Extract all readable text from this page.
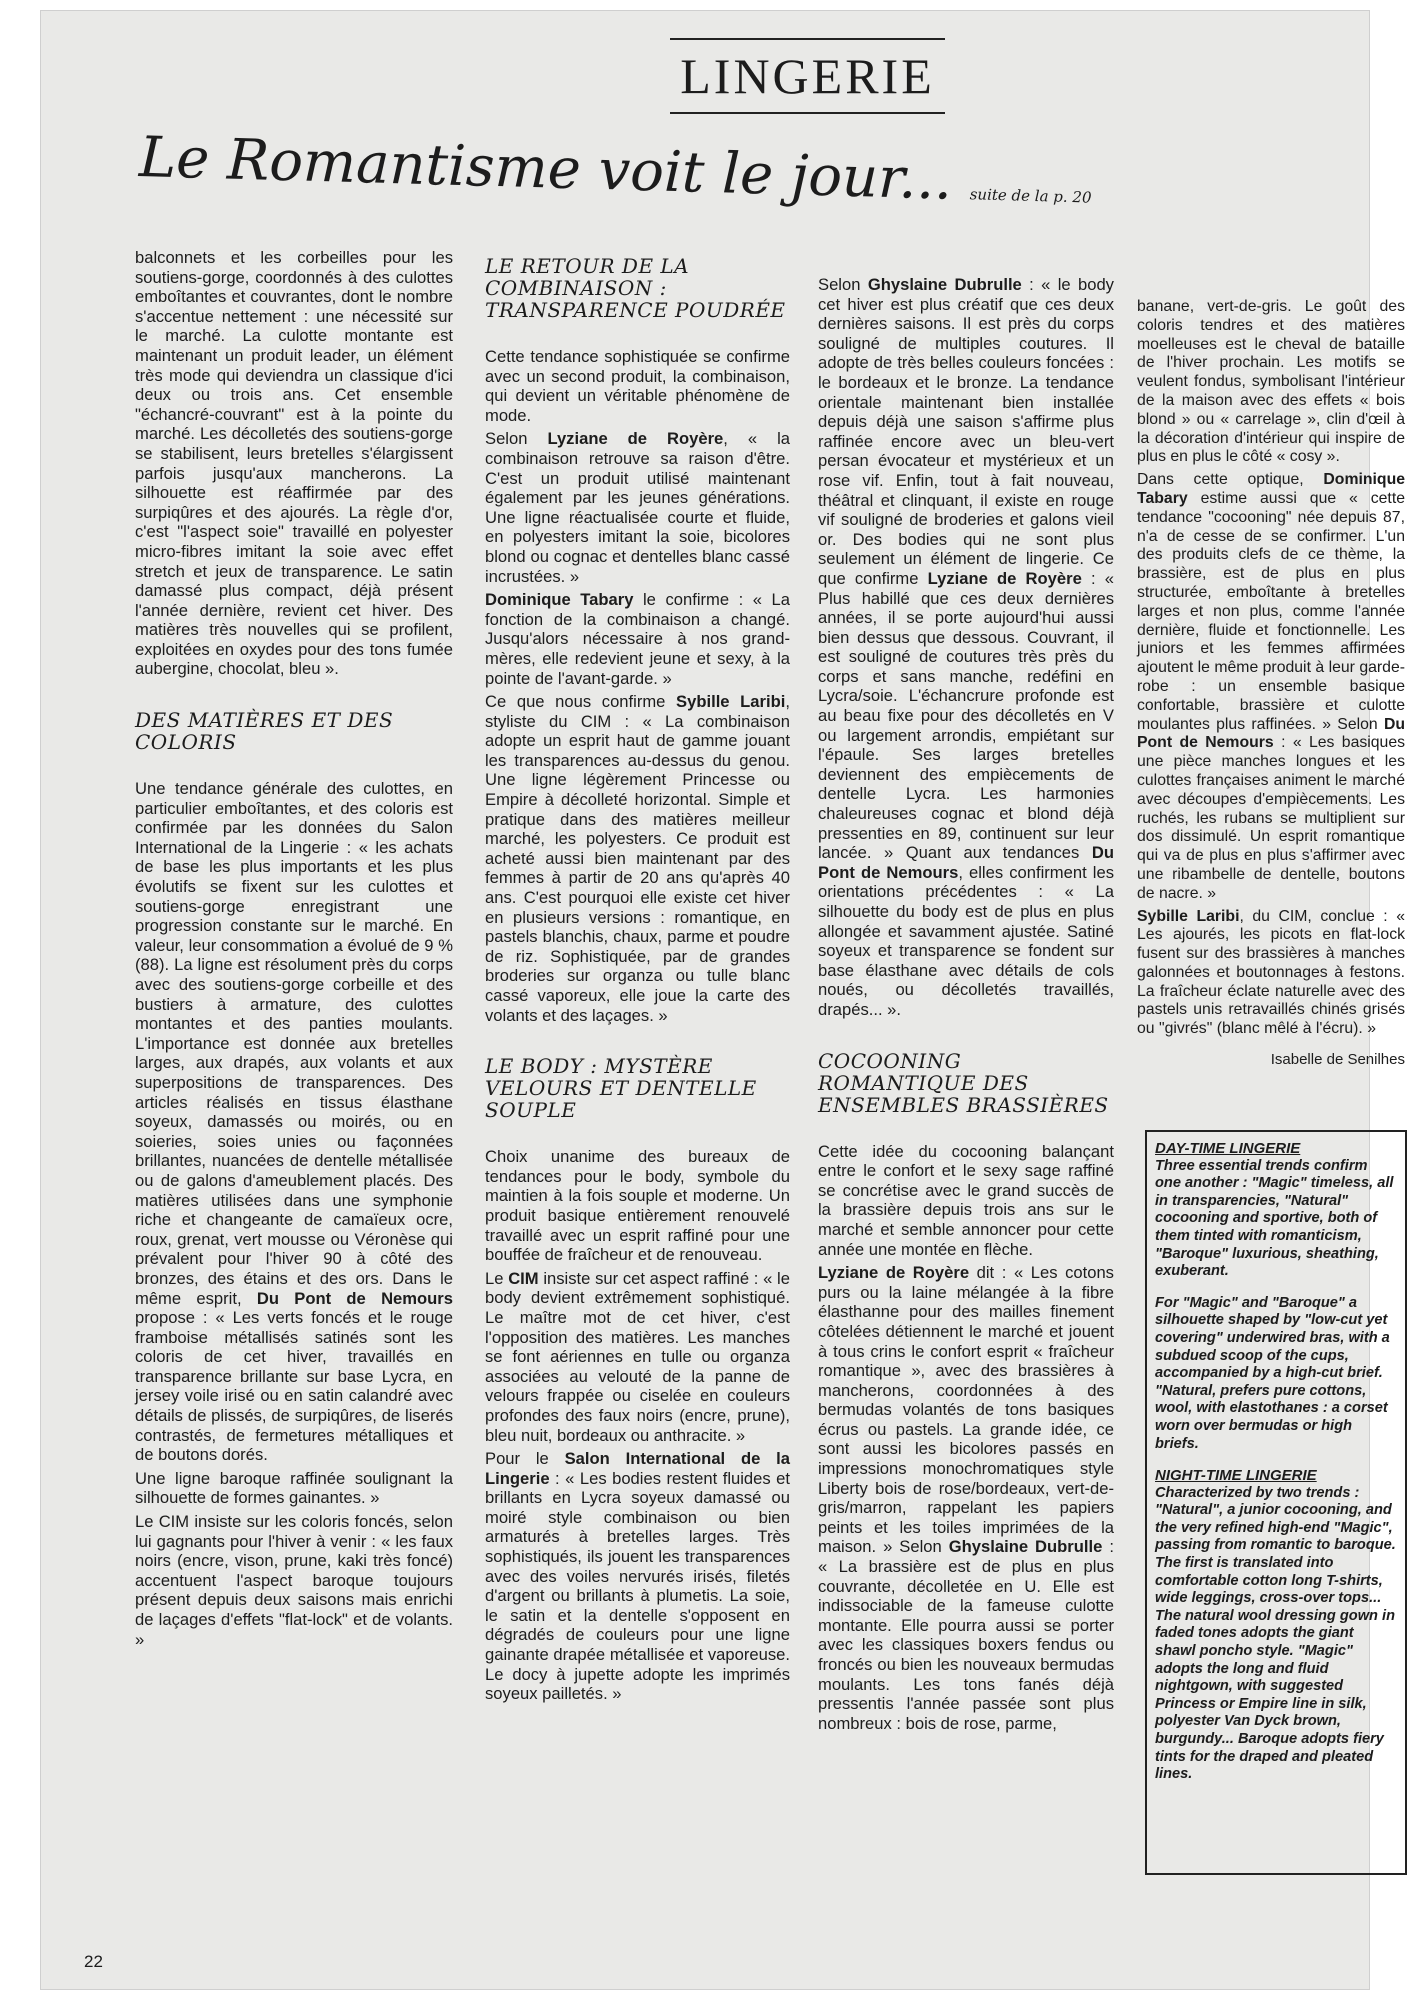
LINGERIE
Le Romantisme voit le jour... suite de la p. 20

balconnets et les corbeilles pour les soutiens-gorge, coordonnés à des culottes emboîtantes et couvrantes, dont le nombre s'accentue nettement : une nécessité sur le marché. La culotte montante est maintenant un produit leader, un élément très mode qui deviendra un classique d'ici deux ou trois ans. Cet ensemble "échancré-couvrant" est à la pointe du marché. Les décolletés des soutiens-gorge se stabilisent, leurs bretelles s'élargissent parfois jusqu'aux mancherons. La silhouette est réaffirmée par des surpiqûres et des ajourés. La règle d'or, c'est "l'aspect soie" travaillé en polyester micro-fibres imitant la soie avec effet stretch et jeux de transparence. Le satin damassé plus compact, déjà présent l'année dernière, revient cet hiver. Des matières très nouvelles qui se profilent, exploitées en oxydes pour des tons fumée aubergine, chocolat, bleu ».

DES MATIÈRES ET DES COLORIS

Une tendance générale des culottes, en particulier emboîtantes, et des coloris est confirmée par les données du Salon International de la Lingerie : « les achats de base les plus importants et les plus évolutifs se fixent sur les culottes et soutiens-gorge enregistrant une progression constante sur le marché. En valeur, leur consommation a évolué de 9 % (88). La ligne est résolument près du corps avec des soutiens-gorge corbeille et des bustiers à armature, des culottes montantes et des panties moulants. L'importance est donnée aux bretelles larges, aux drapés, aux volants et aux superpositions de transparences. Des articles réalisés en tissus élasthane soyeux, damassés ou moirés, ou en soieries, soies unies ou façonnées brillantes, nuancées de dentelle métallisée ou de galons d'ameublement placés. Des matières utilisées dans une symphonie riche et changeante de camaïeux ocre, roux, grenat, vert mousse ou Véronèse qui prévalent pour l'hiver 90 à côté des bronzes, des étains et des ors. Dans le même esprit, Du Pont de Nemours propose : « Les verts foncés et le rouge framboise métallisés satinés sont les coloris de cet hiver, travaillés en transparence brillante sur base Lycra, en jersey voile irisé ou en satin calandré avec détails de plissés, de surpiqûres, de liserés contrastés, de fermetures métalliques et de boutons dorés.

Une ligne baroque raffinée soulignant la silhouette de formes gainantes. »

Le CIM insiste sur les coloris foncés, selon lui gagnants pour l'hiver à venir : « les faux noirs (encre, vison, prune, kaki très foncé) accentuent l'aspect baroque toujours présent depuis deux saisons mais enrichi de laçages d'effets "flat-lock" et de volants. »

LE RETOUR DE LA COMBINAISON : TRANSPARENCE POUDRÉE

Cette tendance sophistiquée se confirme avec un second produit, la combinaison, qui devient un véritable phénomène de mode.

Selon Lyziane de Royère, « la combinaison retrouve sa raison d'être. C'est un produit utilisé maintenant également par les jeunes générations. Une ligne réactualisée courte et fluide, en polyesters imitant la soie, bicolores blond ou cognac et dentelles blanc cassé incrustées. »

Dominique Tabary le confirme : « La fonction de la combinaison a changé. Jusqu'alors nécessaire à nos grand-mères, elle redevient jeune et sexy, à la pointe de l'avant-garde. »

Ce que nous confirme Sybille Laribi, styliste du CIM : « La combinaison adopte un esprit haut de gamme jouant les transparences au-dessus du genou. Une ligne légèrement Princesse ou Empire à décolleté horizontal. Simple et pratique dans des matières meilleur marché, les polyesters. Ce produit est acheté aussi bien maintenant par des femmes à partir de 20 ans qu'après 40 ans. C'est pourquoi elle existe cet hiver en plusieurs versions : romantique, en pastels blanchis, chaux, parme et poudre de riz. Sophistiquée, par de grandes broderies sur organza ou tulle blanc cassé vaporeux, elle joue la carte des volants et des laçages. »

LE BODY : MYSTÈRE VELOURS ET DENTELLE SOUPLE

Choix unanime des bureaux de tendances pour le body, symbole du maintien à la fois souple et moderne. Un produit basique entièrement renouvelé travaillé avec un esprit raffiné pour une bouffée de fraîcheur et de renouveau.

Le CIM insiste sur cet aspect raffiné : « le body devient extrêmement sophistiqué. Le maître mot de cet hiver, c'est l'opposition des matières. Les manches se font aériennes en tulle ou organza associées au velouté de la panne de velours frappée ou ciselée en couleurs profondes des faux noirs (encre, prune), bleu nuit, bordeaux ou anthracite. »

Pour le Salon International de la Lingerie : « Les bodies restent fluides et brillants en Lycra soyeux damassé ou moiré style combinaison ou bien armaturés à bretelles larges. Très sophistiqués, ils jouent les transparences avec des voiles nervurés irisés, filetés d'argent ou brillants à plumetis. La soie, le satin et la dentelle s'opposent en dégradés de couleurs pour une ligne gainante drapée métallisée et vaporeuse. Le docy à jupette adopte les imprimés soyeux pailletés. »

Selon Ghyslaine Dubrulle : « le body cet hiver est plus créatif que ces deux dernières saisons. Il est près du corps souligné de multiples coutures. Il adopte de très belles couleurs foncées : le bordeaux et le bronze. La tendance orientale maintenant bien installée depuis déjà une saison s'affirme plus raffinée encore avec un bleu-vert persan évocateur et mystérieux et un rose vif. Enfin, tout à fait nouveau, théâtral et clinquant, il existe en rouge vif souligné de broderies et galons vieil or. Des bodies qui ne sont plus seulement un élément de lingerie. Ce que confirme Lyziane de Royère : « Plus habillé que ces deux dernières années, il se porte aujourd'hui aussi bien dessus que dessous. Couvrant, il est souligné de coutures très près du corps et sans manche, redéfini en Lycra/soie. L'échancrure profonde est au beau fixe pour des décolletés en V ou largement arrondis, empiétant sur l'épaule. Ses larges bretelles deviennent des empiècements de dentelle Lycra. Les harmonies chaleureuses cognac et blond déjà pressenties en 89, continuent sur leur lancée. » Quant aux tendances Du Pont de Nemours, elles confirment les orientations précédentes : « La silhouette du body est de plus en plus allongée et savamment ajustée. Satiné soyeux et transparence se fondent sur base élasthane avec détails de cols noués, ou décolletés travaillés, drapés... ».

COCOONING ROMANTIQUE DES ENSEMBLES BRASSIÈRES

Cette idée du cocooning balançant entre le confort et le sexy sage raffiné se concrétise avec le grand succès de la brassière depuis trois ans sur le marché et semble annoncer pour cette année une montée en flèche.

Lyziane de Royère dit : « Les cotons purs ou la laine mélangée à la fibre élasthanne pour des mailles finement côtelées détiennent le marché et jouent à tous crins le confort esprit « fraîcheur romantique », avec des brassières à mancherons, coordonnées à des bermudas volantés de tons basiques écrus ou pastels. La grande idée, ce sont aussi les bicolores passés en impressions monochromatiques style Liberty bois de rose/bordeaux, vert-de-gris/marron, rappelant les papiers peints et les toiles imprimées de la maison. » Selon Ghyslaine Dubrulle : « La brassière est de plus en plus couvrante, décolletée en U. Elle est indissociable de la fameuse culotte montante. Elle pourra aussi se porter avec les classiques boxers fendus ou froncés ou bien les nouveaux bermudas moulants. Les tons fanés déjà pressentis l'année passée sont plus nombreux : bois de rose, parme,

banane, vert-de-gris. Le goût des coloris tendres et des matières moelleuses est le cheval de bataille de l'hiver prochain. Les motifs se veulent fondus, symbolisant l'intérieur de la maison avec des effets « bois blond » ou « carrelage », clin d'œil à la décoration d'intérieur qui inspire de plus en plus le côté « cosy ».

Dans cette optique, Dominique Tabary estime aussi que « cette tendance "cocooning" née depuis 87, n'a de cesse de se confirmer. L'un des produits clefs de ce thème, la brassière, est de plus en plus structurée, emboîtante à bretelles larges et non plus, comme l'année dernière, fluide et fonctionnelle. Les juniors et les femmes affirmées ajoutent le même produit à leur garde-robe : un ensemble basique confortable, brassière et culotte moulantes plus raffinées. » Selon Du Pont de Nemours : « Les basiques une pièce manches longues et les culottes françaises animent le marché avec découpes d'empiècements. Les ruchés, les rubans se multiplient sur dos dissimulé. Un esprit romantique qui va de plus en plus s'affirmer avec une ribambelle de dentelle, boutons de nacre. »

Sybille Laribi, du CIM, conclue : « Les ajourés, les picots en flat-lock fusent sur des brassières à manches galonnées et boutonnages à festons. La fraîcheur éclate naturelle avec des pastels unis retravaillés chinés grisés ou "givrés" (blanc mêlé à l'écru). »

Isabelle de Senilhes
DAY-TIME LINGERIE

Three essential trends confirm one another : "Magic" timeless, all in transparencies, "Natural" cocooning and sportive, both of them tinted with romanticism, "Baroque" luxurious, sheathing, exuberant.

For "Magic" and "Baroque" a silhouette shaped by "low-cut yet covering" underwired bras, with a subdued scoop of the cups, accompanied by a high-cut brief. "Natural, prefers pure cottons, wool, with elastothanes : a corset worn over bermudas or high briefs.

NIGHT-TIME LINGERIE

Characterized by two trends : "Natural", a junior cocooning, and the very refined high-end "Magic", passing from romantic to baroque. The first is translated into comfortable cotton long T-shirts, wide leggings, cross-over tops... The natural wool dressing gown in faded tones adopts the giant shawl poncho style. "Magic" adopts the long and fluid nightgown, with suggested Princess or Empire line in silk, polyester Van Dyck brown, burgundy... Baroque adopts fiery tints for the draped and pleated lines.

22
